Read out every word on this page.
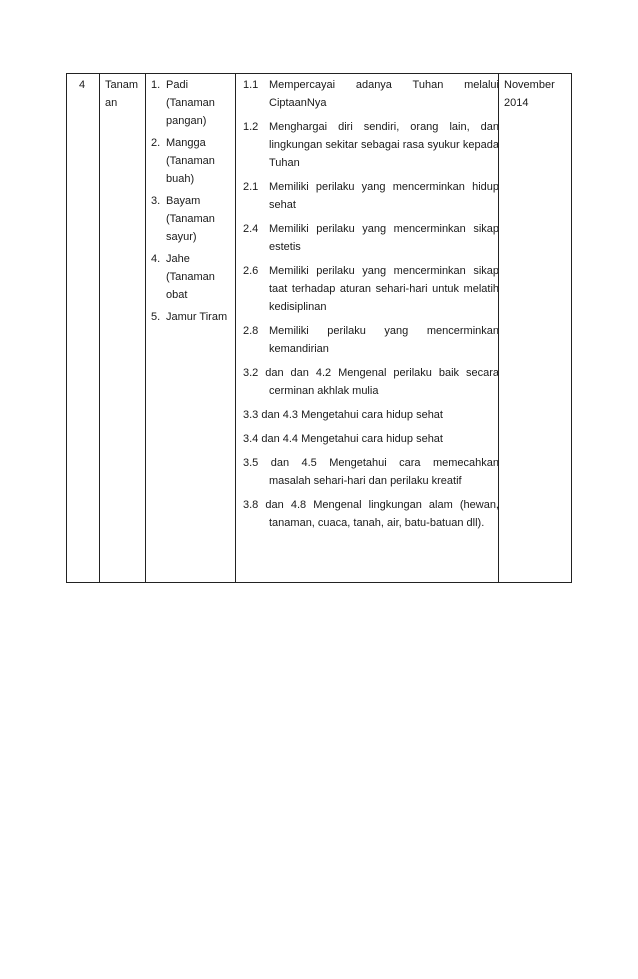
4	Tanam
an
1. Padi (Tanaman pangan)
2. Mangga (Tanaman buah)
3. Bayam (Tanaman sayur)
4. Jahe (Tanaman obat
5. Jamur Tiram
1.1 Mempercayai adanya Tuhan melalui CiptaanNya
1.2 Menghargai diri sendiri, orang lain, dan lingkungan sekitar sebagai rasa syukur kepada Tuhan
2.1 Memiliki perilaku yang mencerminkan hidup sehat
2.4 Memiliki perilaku yang mencerminkan sikap estetis
2.6 Memiliki perilaku yang mencerminkan sikap taat terhadap aturan sehari-hari untuk melatih kedisiplinan
2.8 Memiliki perilaku yang mencerminkan kemandirian
3.2 dan dan 4.2 Mengenal perilaku baik secara
cerminan akhlak mulia
3.3 dan 4.3 Mengetahui cara hidup sehat
3.4 dan 4.4 Mengetahui cara hidup sehat
3.5 dan 4.5 Mengetahui cara memecahkan
masalah sehari-hari dan perilaku kreatif
3.8 dan 4.8 Mengenal lingkungan alam (hewan,
tanaman, cuaca, tanah, air, batu-batuan dll).
November
2014
